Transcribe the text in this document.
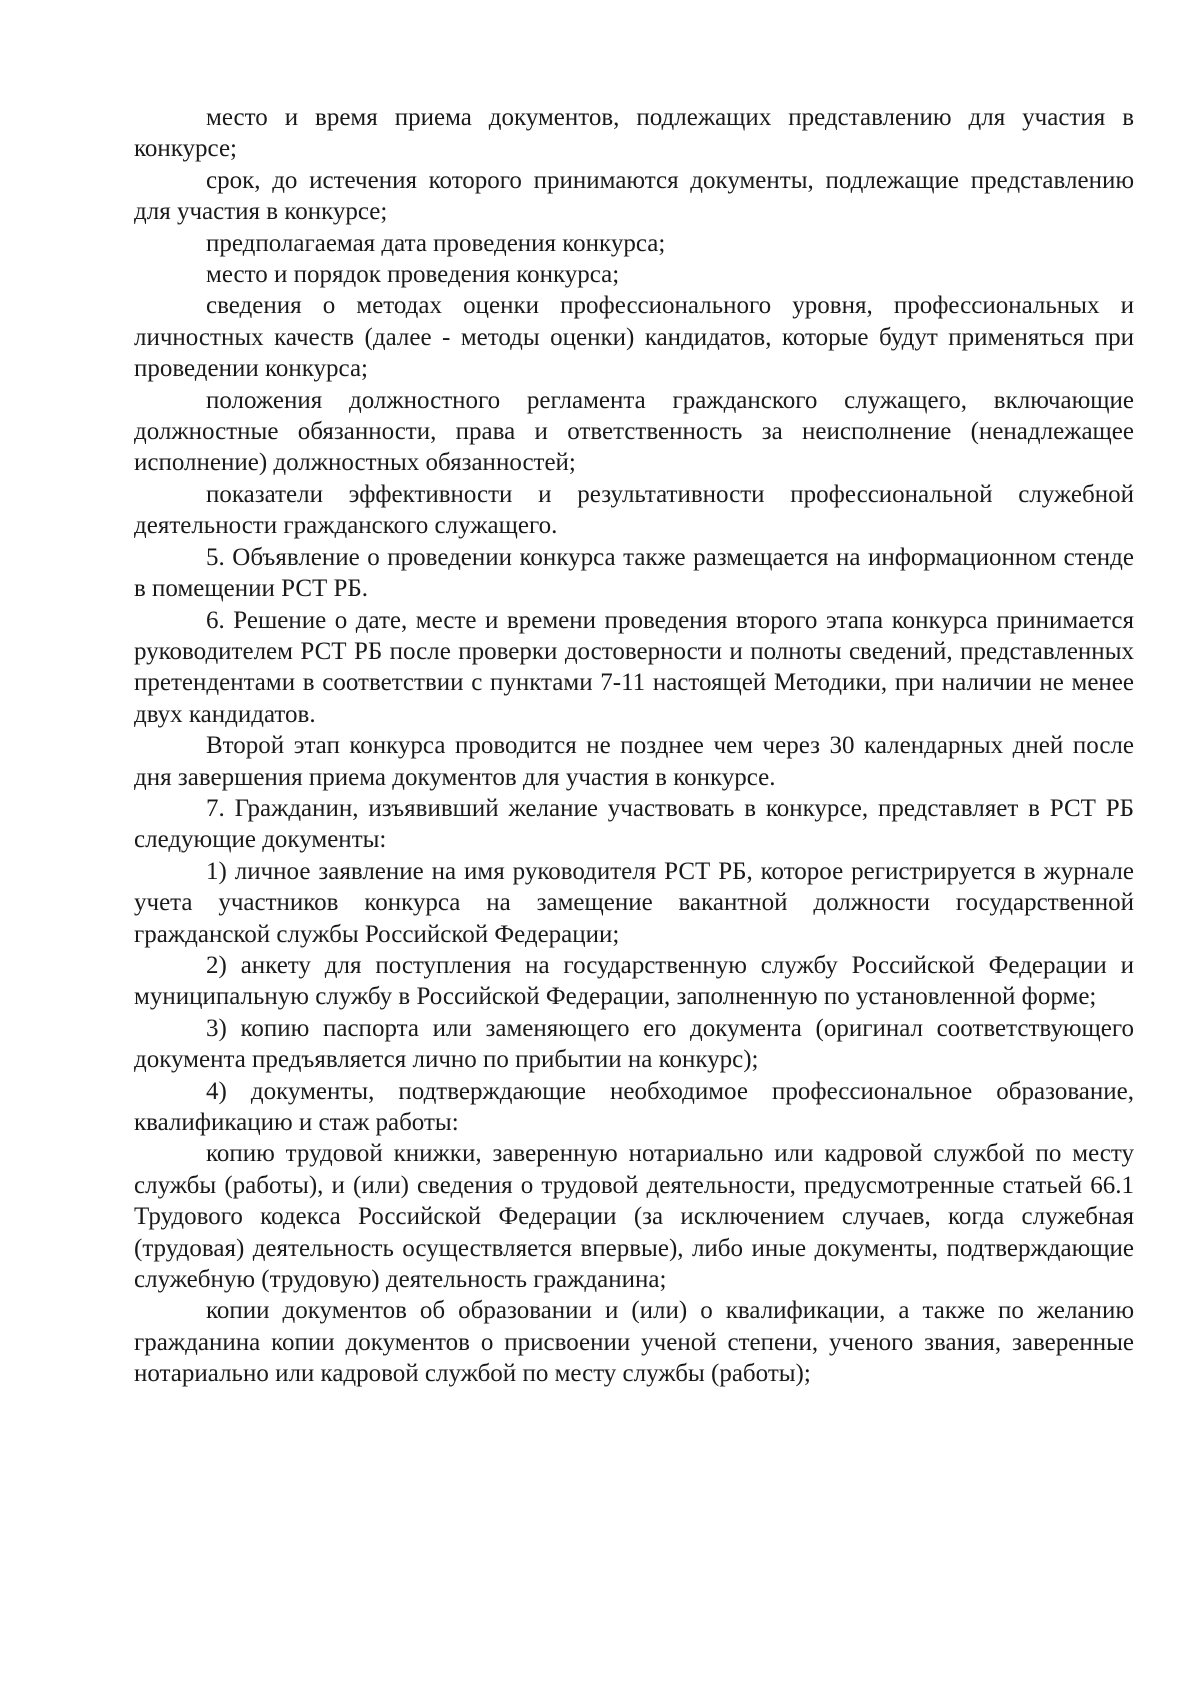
место и время приема документов, подлежащих представлению для участия в конкурсе;

срок, до истечения которого принимаются документы, подлежащие представлению для участия в конкурсе;

предполагаемая дата проведения конкурса;

место и порядок проведения конкурса;

сведения о методах оценки профессионального уровня, профессиональных и личностных качеств (далее - методы оценки) кандидатов, которые будут применяться при проведении конкурса;

положения должностного регламента гражданского служащего, включающие должностные обязанности, права и ответственность за неисполнение (ненадлежащее исполнение) должностных обязанностей;

показатели эффективности и результативности профессиональной служебной деятельности гражданского служащего.

5. Объявление о проведении конкурса также размещается на информационном стенде в помещении РСТ РБ.

6. Решение о дате, месте и времени проведения второго этапа конкурса принимается руководителем РСТ РБ после проверки достоверности и полноты сведений, представленных претендентами в соответствии с пунктами 7-11 настоящей Методики, при наличии не менее двух кандидатов.

Второй этап конкурса проводится не позднее чем через 30 календарных дней после дня завершения приема документов для участия в конкурсе.

7. Гражданин, изъявивший желание участвовать в конкурсе, представляет в РСТ РБ следующие документы:

1) личное заявление на имя руководителя РСТ РБ, которое регистрируется в журнале учета участников конкурса на замещение вакантной должности государственной гражданской службы Российской Федерации;

2) анкету для поступления на государственную службу Российской Федерации и муниципальную службу в Российской Федерации, заполненную по установленной форме;

3) копию паспорта или заменяющего его документа (оригинал соответствующего документа предъявляется лично по прибытии на конкурс);

4) документы, подтверждающие необходимое профессиональное образование, квалификацию и стаж работы:

копию трудовой книжки, заверенную нотариально или кадровой службой по месту службы (работы), и (или) сведения о трудовой деятельности, предусмотренные статьей 66.1 Трудового кодекса Российской Федерации (за исключением случаев, когда служебная (трудовая) деятельность осуществляется впервые), либо иные документы, подтверждающие служебную (трудовую) деятельность гражданина;

копии документов об образовании и (или) о квалификации, а также по желанию гражданина копии документов о присвоении ученой степени, ученого звания, заверенные нотариально или кадровой службой по месту службы (работы);
